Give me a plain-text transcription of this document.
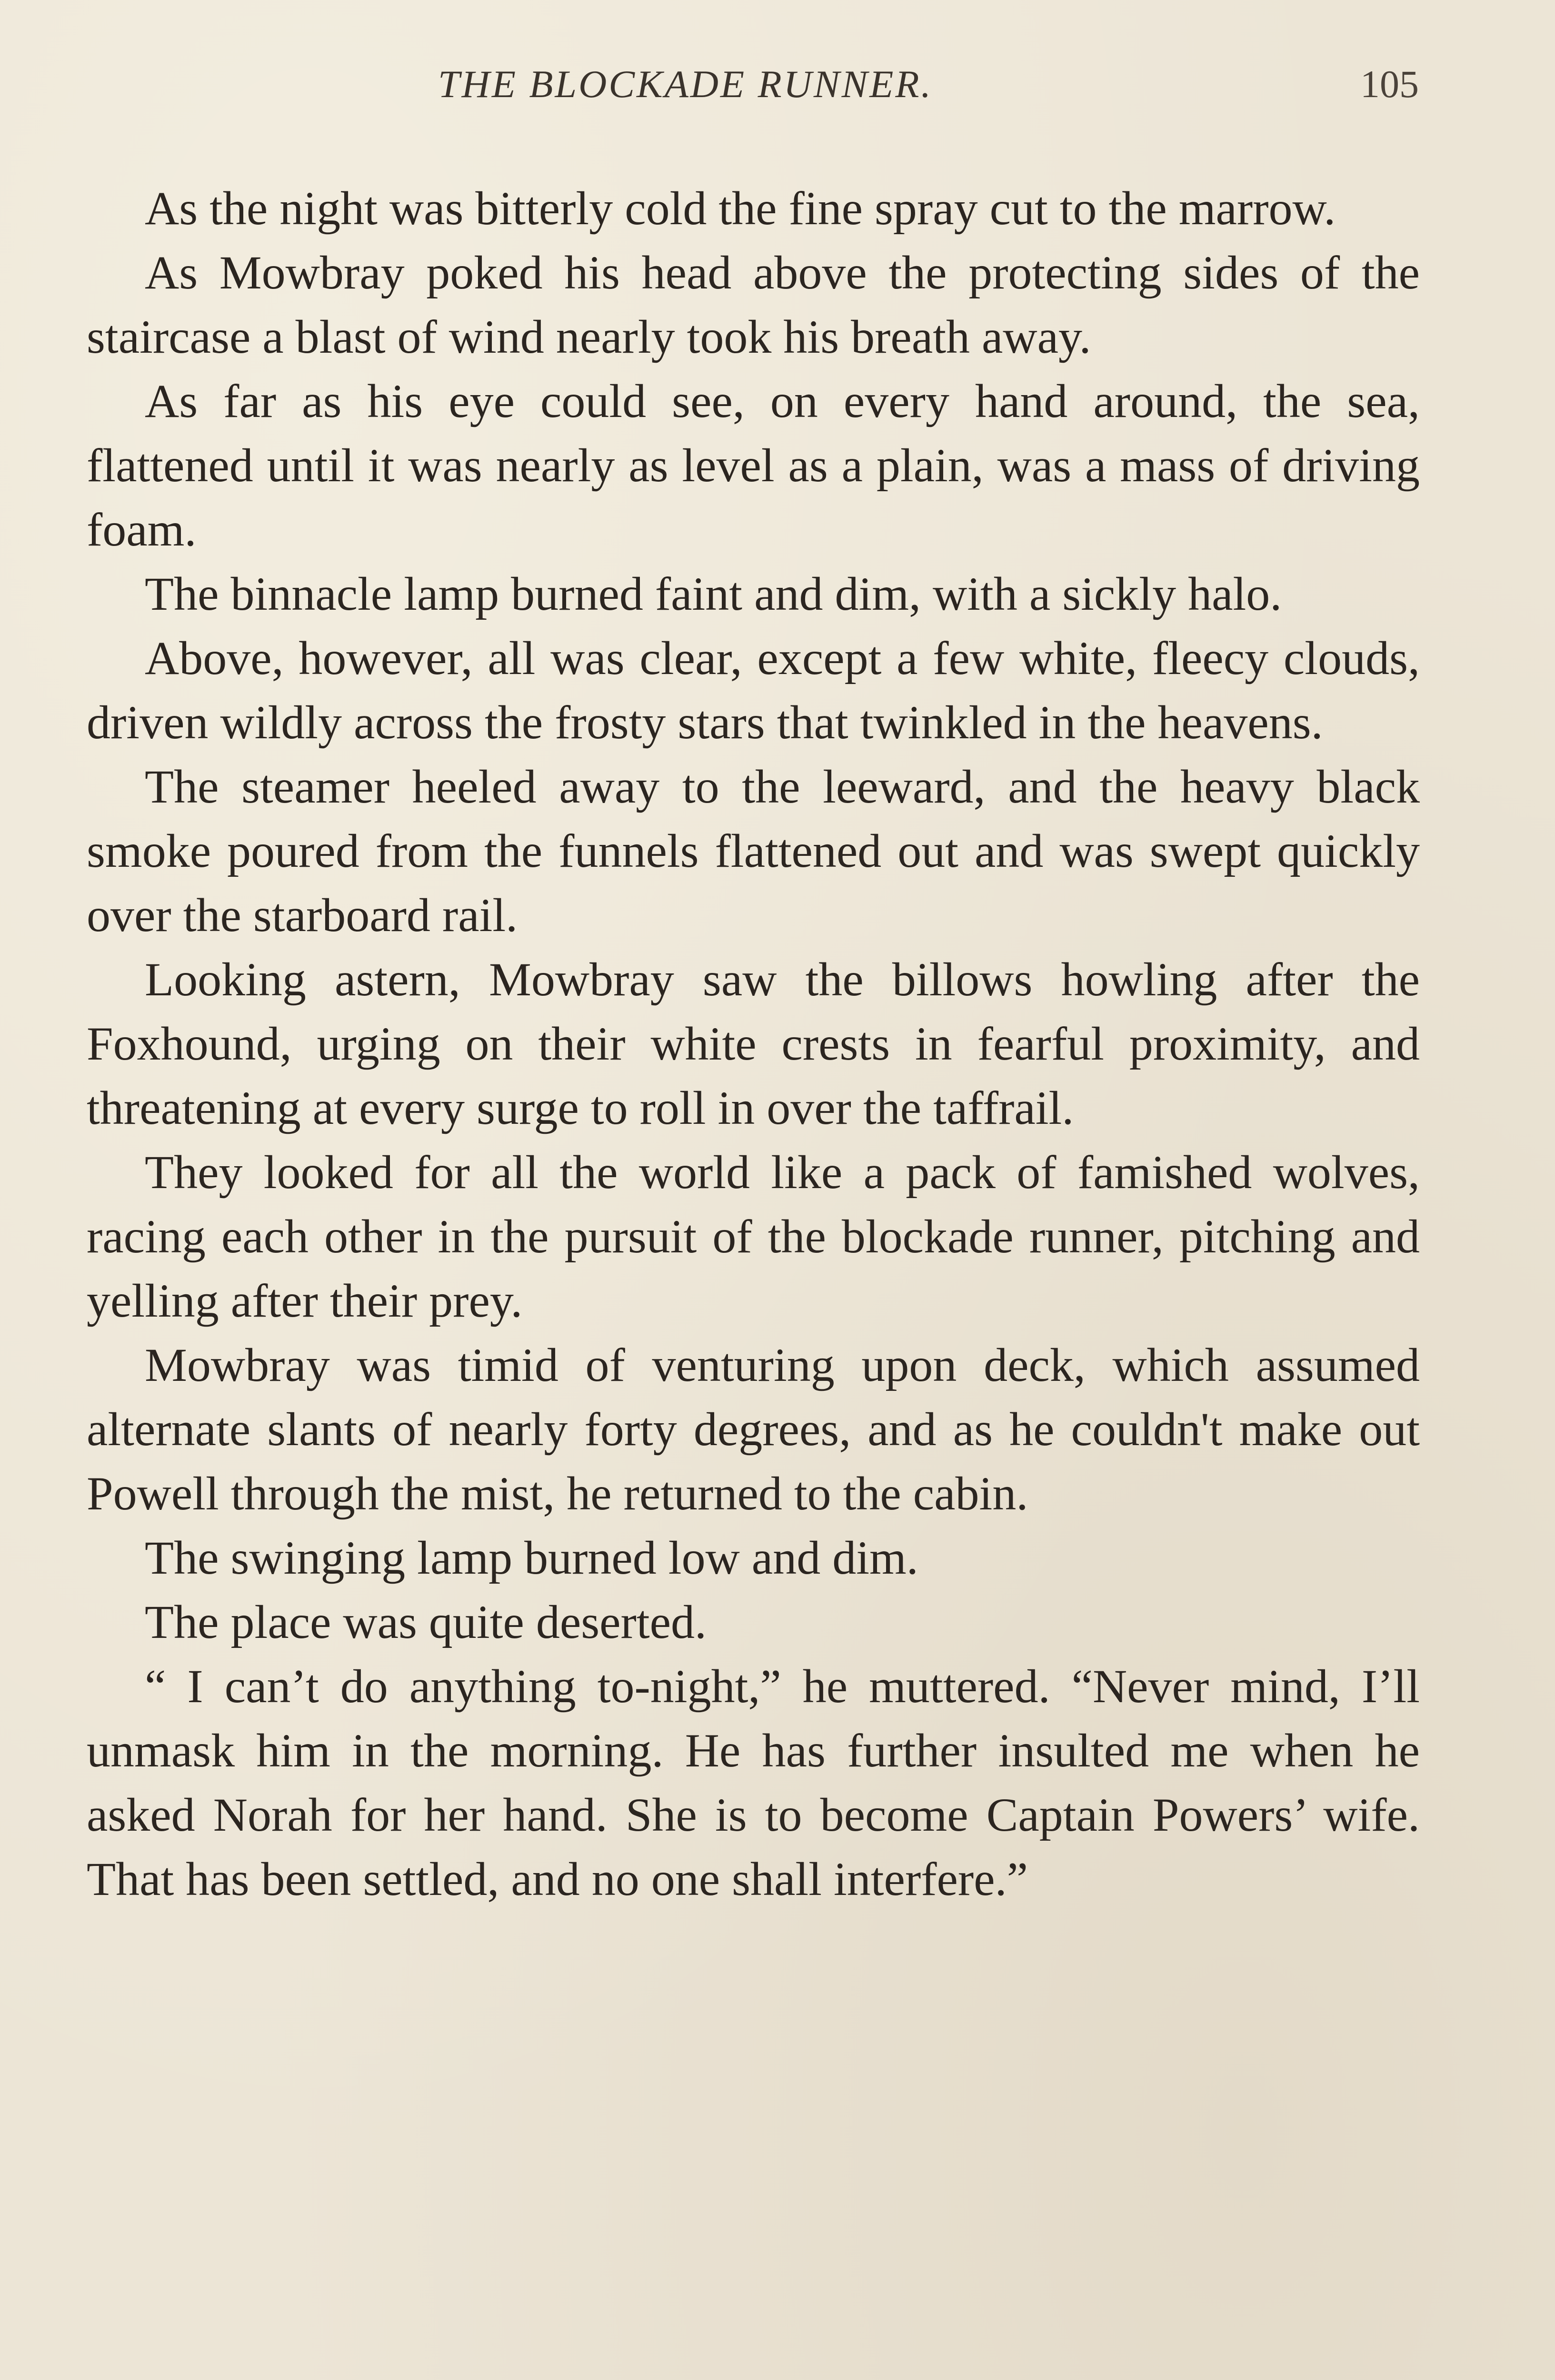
THE BLOCKADE RUNNER.	105

As the night was bitterly cold the fine spray cut to the marrow.

As Mowbray poked his head above the protecting sides of the staircase a blast of wind nearly took his breath away.

As far as his eye could see, on every hand around, the sea, flattened until it was nearly as level as a plain, was a mass of driving foam.

The binnacle lamp burned faint and dim, with a sickly halo.

Above, however, all was clear, except a few white, fleecy clouds, driven wildly across the frosty stars that twinkled in the heavens.

The steamer heeled away to the leeward, and the heavy black smoke poured from the funnels flattened out and was swept quickly over the starboard rail.

Looking astern, Mowbray saw the billows howling after the Foxhound, urging on their white crests in fearful proximity, and threatening at every surge to roll in over the taffrail.

They looked for all the world like a pack of famished wolves, racing each other in the pursuit of the blockade runner, pitching and yelling after their prey.

Mowbray was timid of venturing upon deck, which assumed alternate slants of nearly forty degrees, and as he couldn't make out Powell through the mist, he returned to the cabin.

The swinging lamp burned low and dim.

The place was quite deserted.

“ I can’t do anything to-night,” he muttered. “Never mind, I’ll unmask him in the morning. He has further insulted me when he asked Norah for her hand. She is to become Captain Powers’ wife. That has been settled, and no one shall interfere.”
